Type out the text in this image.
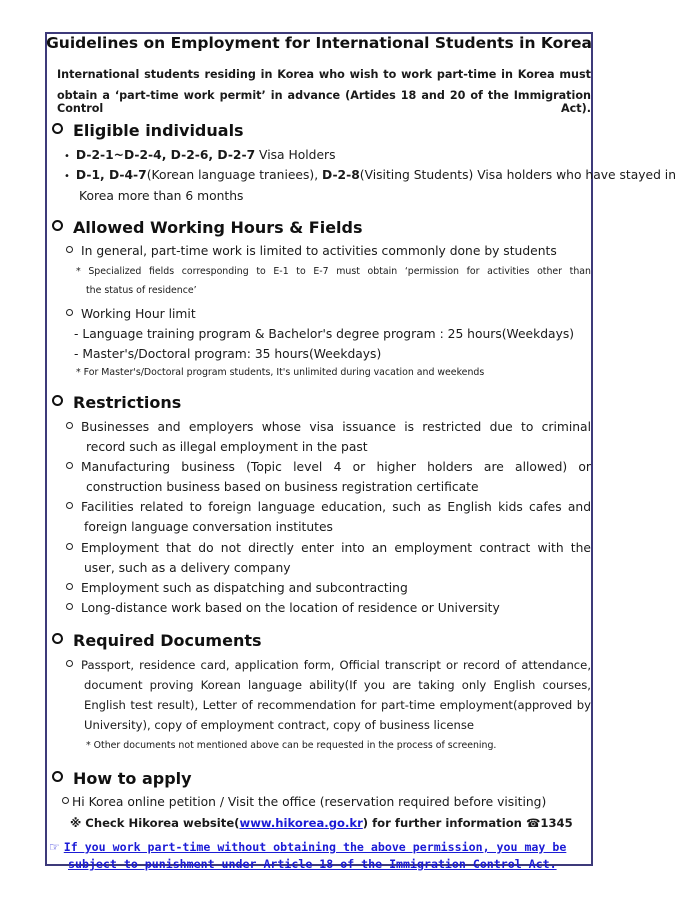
Guidelines on Employment for International Students in Korea
International students residing in Korea who wish to work part-time in Korea must
obtain a ‘part-time work permit’ in advance (Artides 18 and 20 of the Immigration Control Act).
Eligible individuals
• D-2-1~D-2-4, D-2-6, D-2-7 Visa Holders
• D-1, D-4-7(Korean language traniees), D-2-8(Visiting Students) Visa holders who have stayed in
Korea more than 6 months
Allowed Working Hours & Fields
In general, part-time work is limited to activities commonly done by students
* Specialized fields corresponding to E-1 to E-7 must obtain ‘permission for activities other than
the status of residence’
Working Hour limit
- Language training program & Bachelor's degree program : 25 hours(Weekdays)
- Master's/Doctoral program: 35 hours(Weekdays)
* For Master's/Doctoral program students, It's unlimited during vacation and weekends
Restrictions
Businesses and employers whose visa issuance is restricted due to criminal
record such as illegal employment in the past
Manufacturing business (Topic level 4 or higher holders are allowed) or
construction business based on business registration certificate
Facilities related to foreign language education, such as English kids cafes and
foreign language conversation institutes
Employment that do not directly enter into an employment contract with the
user, such as a delivery company
Employment such as dispatching and subcontracting
Long-distance work based on the location of residence or University
Required Documents
Passport, residence card, application form, Official transcript or record of attendance,
document proving Korean language ability(If you are taking only English courses,
English test result), Letter of recommendation for part-time employment(approved by
University), copy of employment contract, copy of business license
* Other documents not mentioned above can be requested in the process of screening.
How to apply
Hi Korea online petition / Visit the office (reservation required before visiting)
※ Check Hikorea website(www.hikorea.go.kr) for further information ☎1345
☞ If you work part-time without obtaining the above permission, you may be
subject to punishment under Article 18 of the Immigration Control Act.
